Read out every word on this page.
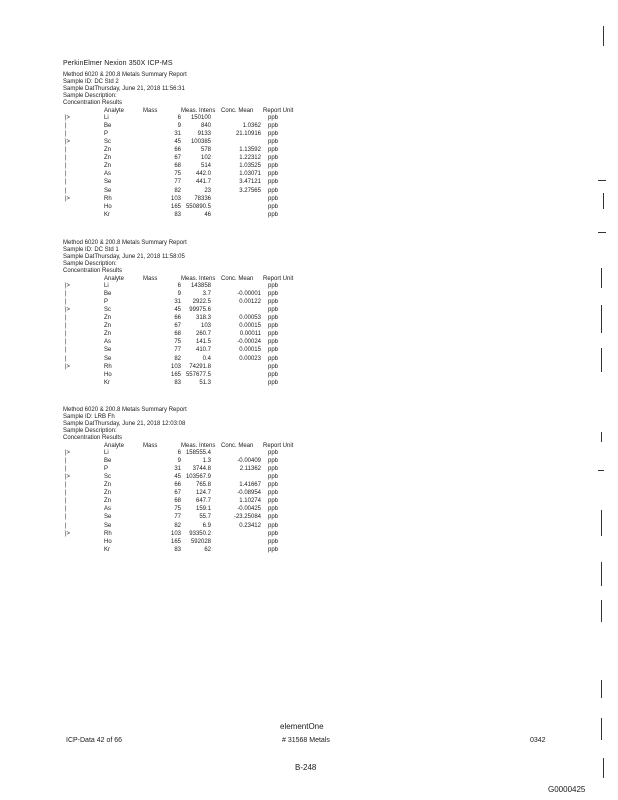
PerkinElmer Nexion 350X ICP-MS
Method 6020 & 200.8 Metals Summary Report
Sample ID: DC Std 2
Sample DatThursday, June 21, 2018 11:56:31
Sample Description:
Concentration Results
Analyte	Mass	Meas. Intens Conc. Mean Report Unit
|>	Li	6	150100	ppb
|	Be	9	840	1.0362 ppb
|	P	31	9133	21.10916 ppb
|>	Sc	45	100385	ppb
|	Zn	66	578	1.13592 ppb
|	Zn	67	102	1.22312 ppb
|	Zn	68	514	1.03525 ppb
|	As	75	442.0	1.03071 ppb
|	Se	77	441.7	3.47121 ppb
|	Se	82	23	3.27565 ppb
|>	Rh	103	78336	ppb
Ho	165 550890.5	ppb
Kr	83	46	ppb
Method 6020 & 200.8 Metals Summary Report
Sample ID: DC Std 1
Sample DatThursday, June 21, 2018 11:58:05
Sample Description:
Concentration Results
Analyte	Mass	Meas. Intens Conc. Mean Report Unit
|>	Li	6	143858	ppb
|	Be	9	3.7	-0.00001 ppb
|	P	31	2922.5	0.00122 ppb
|>	Sc	45	99975.6	ppb
|	Zn	66	318.3	0.00053 ppb
|	Zn	67	103	0.00015 ppb
|	Zn	68	260.7	0.00011 ppb
|	As	75	141.5	-0.00024 ppb
|	Se	77	410.7	0.00015 ppb
|	Se	82	0.4	0.00023 ppb
|>	Rh	103	74291.8	ppb
Ho	165 557677.5	ppb
Kr	83	51.3	ppb
Method 6020 & 200.8 Metals Summary Report
Sample ID: LRB Fh
Sample DatThursday, June 21, 2018 12:03:08
Sample Description:
Concentration Results
Analyte	Mass	Meas. Intens Conc. Mean Report Unit
|>	Li	6 158555.4	ppb
|	Be	9	1.3	-0.00409 ppb
|	P	31	3744.8	2.11362 ppb
|>	Sc	45 103567.9	ppb
|	Zn	66	765.8	1.41667 ppb
|	Zn	67	124.7	-0.08954 ppb
|	Zn	68	647.7	1.10274 ppb
|	As	75	159.1	-0.00425 ppb
|	Se	77	55.7	-23.25084 ppb
|	Se	82	6.9	0.23412 ppb
|>	Rh	103	93350.2	ppb
Ho	165	592028	ppb
Kr	83	62	ppb
elementOne
ICP-Data 42 of 66	# 31568 Metals	0342
B-248
G0000425
